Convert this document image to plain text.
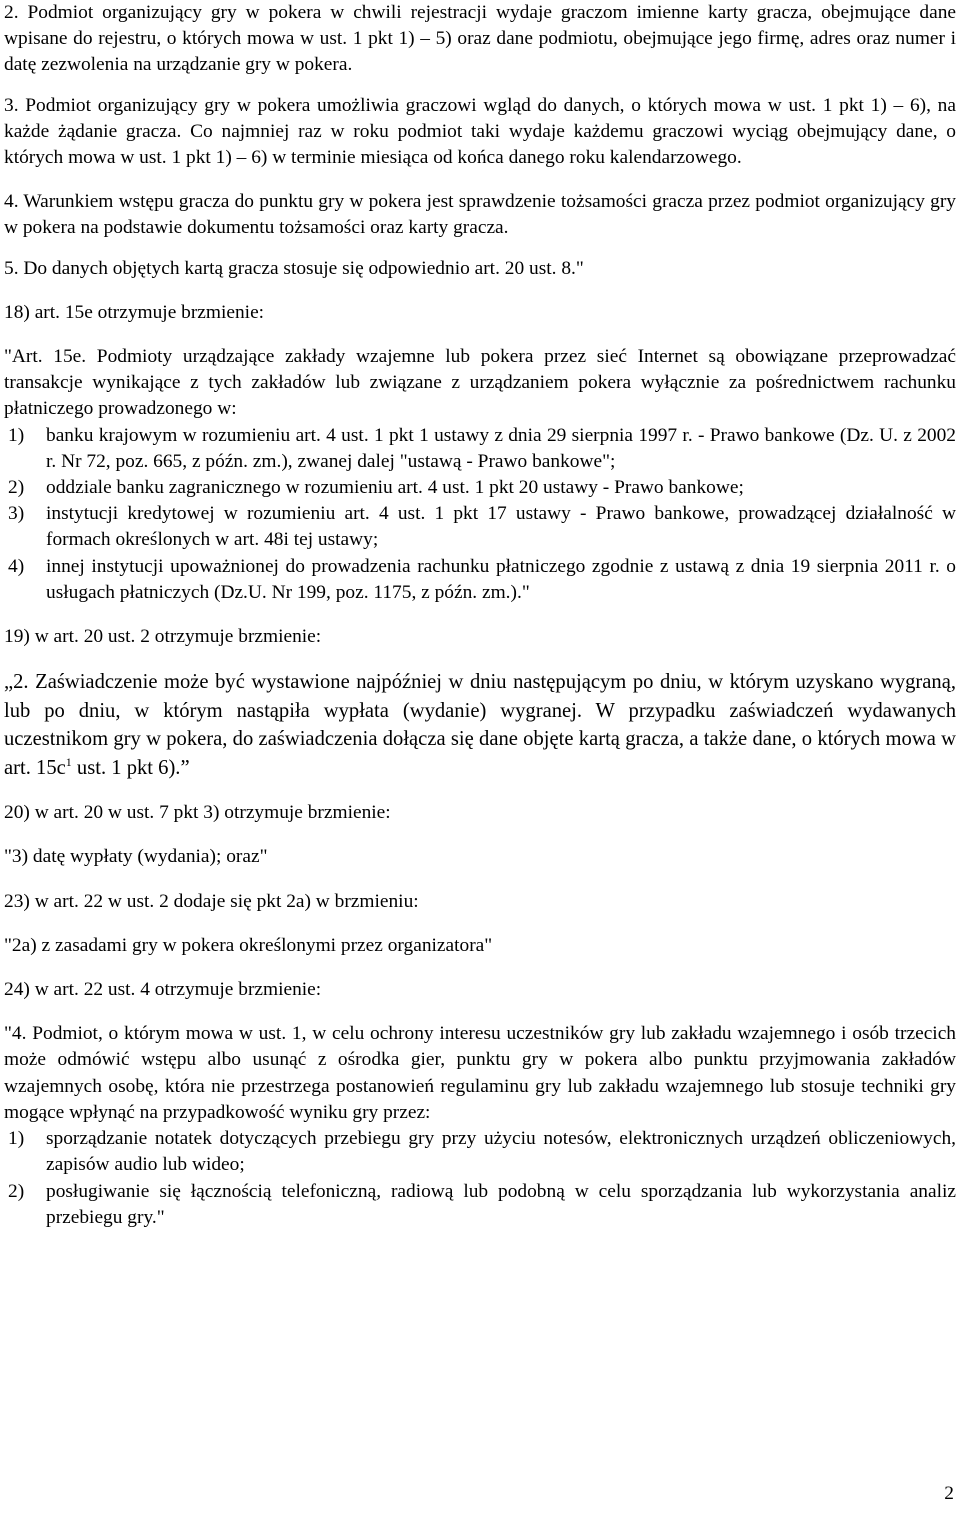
2. Podmiot organizujący gry w pokera w chwili rejestracji wydaje graczom imienne karty gracza, obejmujące dane wpisane do rejestru, o których mowa w ust. 1 pkt 1) – 5) oraz dane podmiotu, obejmujące jego firmę, adres oraz numer i datę zezwolenia na urządzanie gry w pokera.

3. Podmiot organizujący gry w pokera umożliwia graczowi wgląd do danych, o których mowa w ust. 1 pkt 1) – 6), na każde żądanie gracza. Co najmniej raz w roku podmiot taki wydaje każdemu graczowi wyciąg obejmujący dane, o których mowa w ust. 1 pkt 1) – 6) w terminie miesiąca od końca danego roku kalendarzowego.

4. Warunkiem wstępu gracza do punktu gry w pokera jest sprawdzenie tożsamości gracza przez podmiot organizujący gry w pokera na podstawie dokumentu tożsamości oraz karty gracza.

5. Do danych objętych kartą gracza stosuje się odpowiednio art. 20 ust. 8."

18) art. 15e otrzymuje brzmienie:

"Art. 15e. Podmioty urządzające zakłady wzajemne lub pokera przez sieć Internet są obowiązane przeprowadzać transakcje wynikające z tych zakładów lub związane z urządzaniem pokera wyłącznie za pośrednictwem rachunku płatniczego prowadzonego w:

1)	banku krajowym w rozumieniu art. 4 ust. 1 pkt 1 ustawy z dnia 29 sierpnia 1997 r. - Prawo bankowe (Dz. U. z 2002 r. Nr 72, poz. 665, z późn. zm.), zwanej dalej "ustawą - Prawo bankowe";
2)	oddziale banku zagranicznego w rozumieniu art. 4 ust. 1 pkt 20 ustawy - Prawo bankowe;
3)	instytucji kredytowej w rozumieniu art. 4 ust. 1 pkt 17 ustawy - Prawo bankowe, prowadzącej działalność w formach określonych w art. 48i tej ustawy;
4)	innej instytucji upoważnionej do prowadzenia rachunku płatniczego zgodnie z ustawą z dnia 19 sierpnia 2011 r. o usługach płatniczych (Dz.U. Nr 199, poz. 1175, z późn. zm.)."

19) w art. 20 ust. 2 otrzymuje brzmienie:

„2. Zaświadczenie może być wystawione najpóźniej w dniu następującym po dniu, w którym uzyskano wygraną, lub po dniu, w którym nastąpiła wypłata (wydanie) wygranej. W przypadku zaświadczeń wydawanych uczestnikom gry w pokera, do zaświadczenia dołącza się dane objęte kartą gracza, a także dane, o których mowa w art. $15c^1$ ust. 1 pkt 6).”

20) w art. 20 w ust. 7 pkt 3) otrzymuje brzmienie:

"3) datę wypłaty (wydania); oraz"

23) w art. 22 w ust. 2 dodaje się pkt 2a) w brzmieniu:

"2a) z zasadami gry w pokera określonymi przez organizatora"

24) w art. 22 ust. 4 otrzymuje brzmienie:

"4. Podmiot, o którym mowa w ust. 1, w celu ochrony interesu uczestników gry lub zakładu wzajemnego i osób trzecich może odmówić wstępu albo usunąć z ośrodka gier, punktu gry w pokera albo punktu przyjmowania zakładów wzajemnych osobę, która nie przestrzega postanowień regulaminu gry lub zakładu wzajemnego lub stosuje techniki gry mogące wpłynąć na przypadkowość wyniku gry przez:

1)	sporządzanie notatek dotyczących przebiegu gry przy użyciu notesów, elektronicznych urządzeń obliczeniowych, zapisów audio lub wideo;
2)	posługiwanie się łącznością telefoniczną, radiową lub podobną w celu sporządzania lub wykorzystania analiz przebiegu gry."
2
